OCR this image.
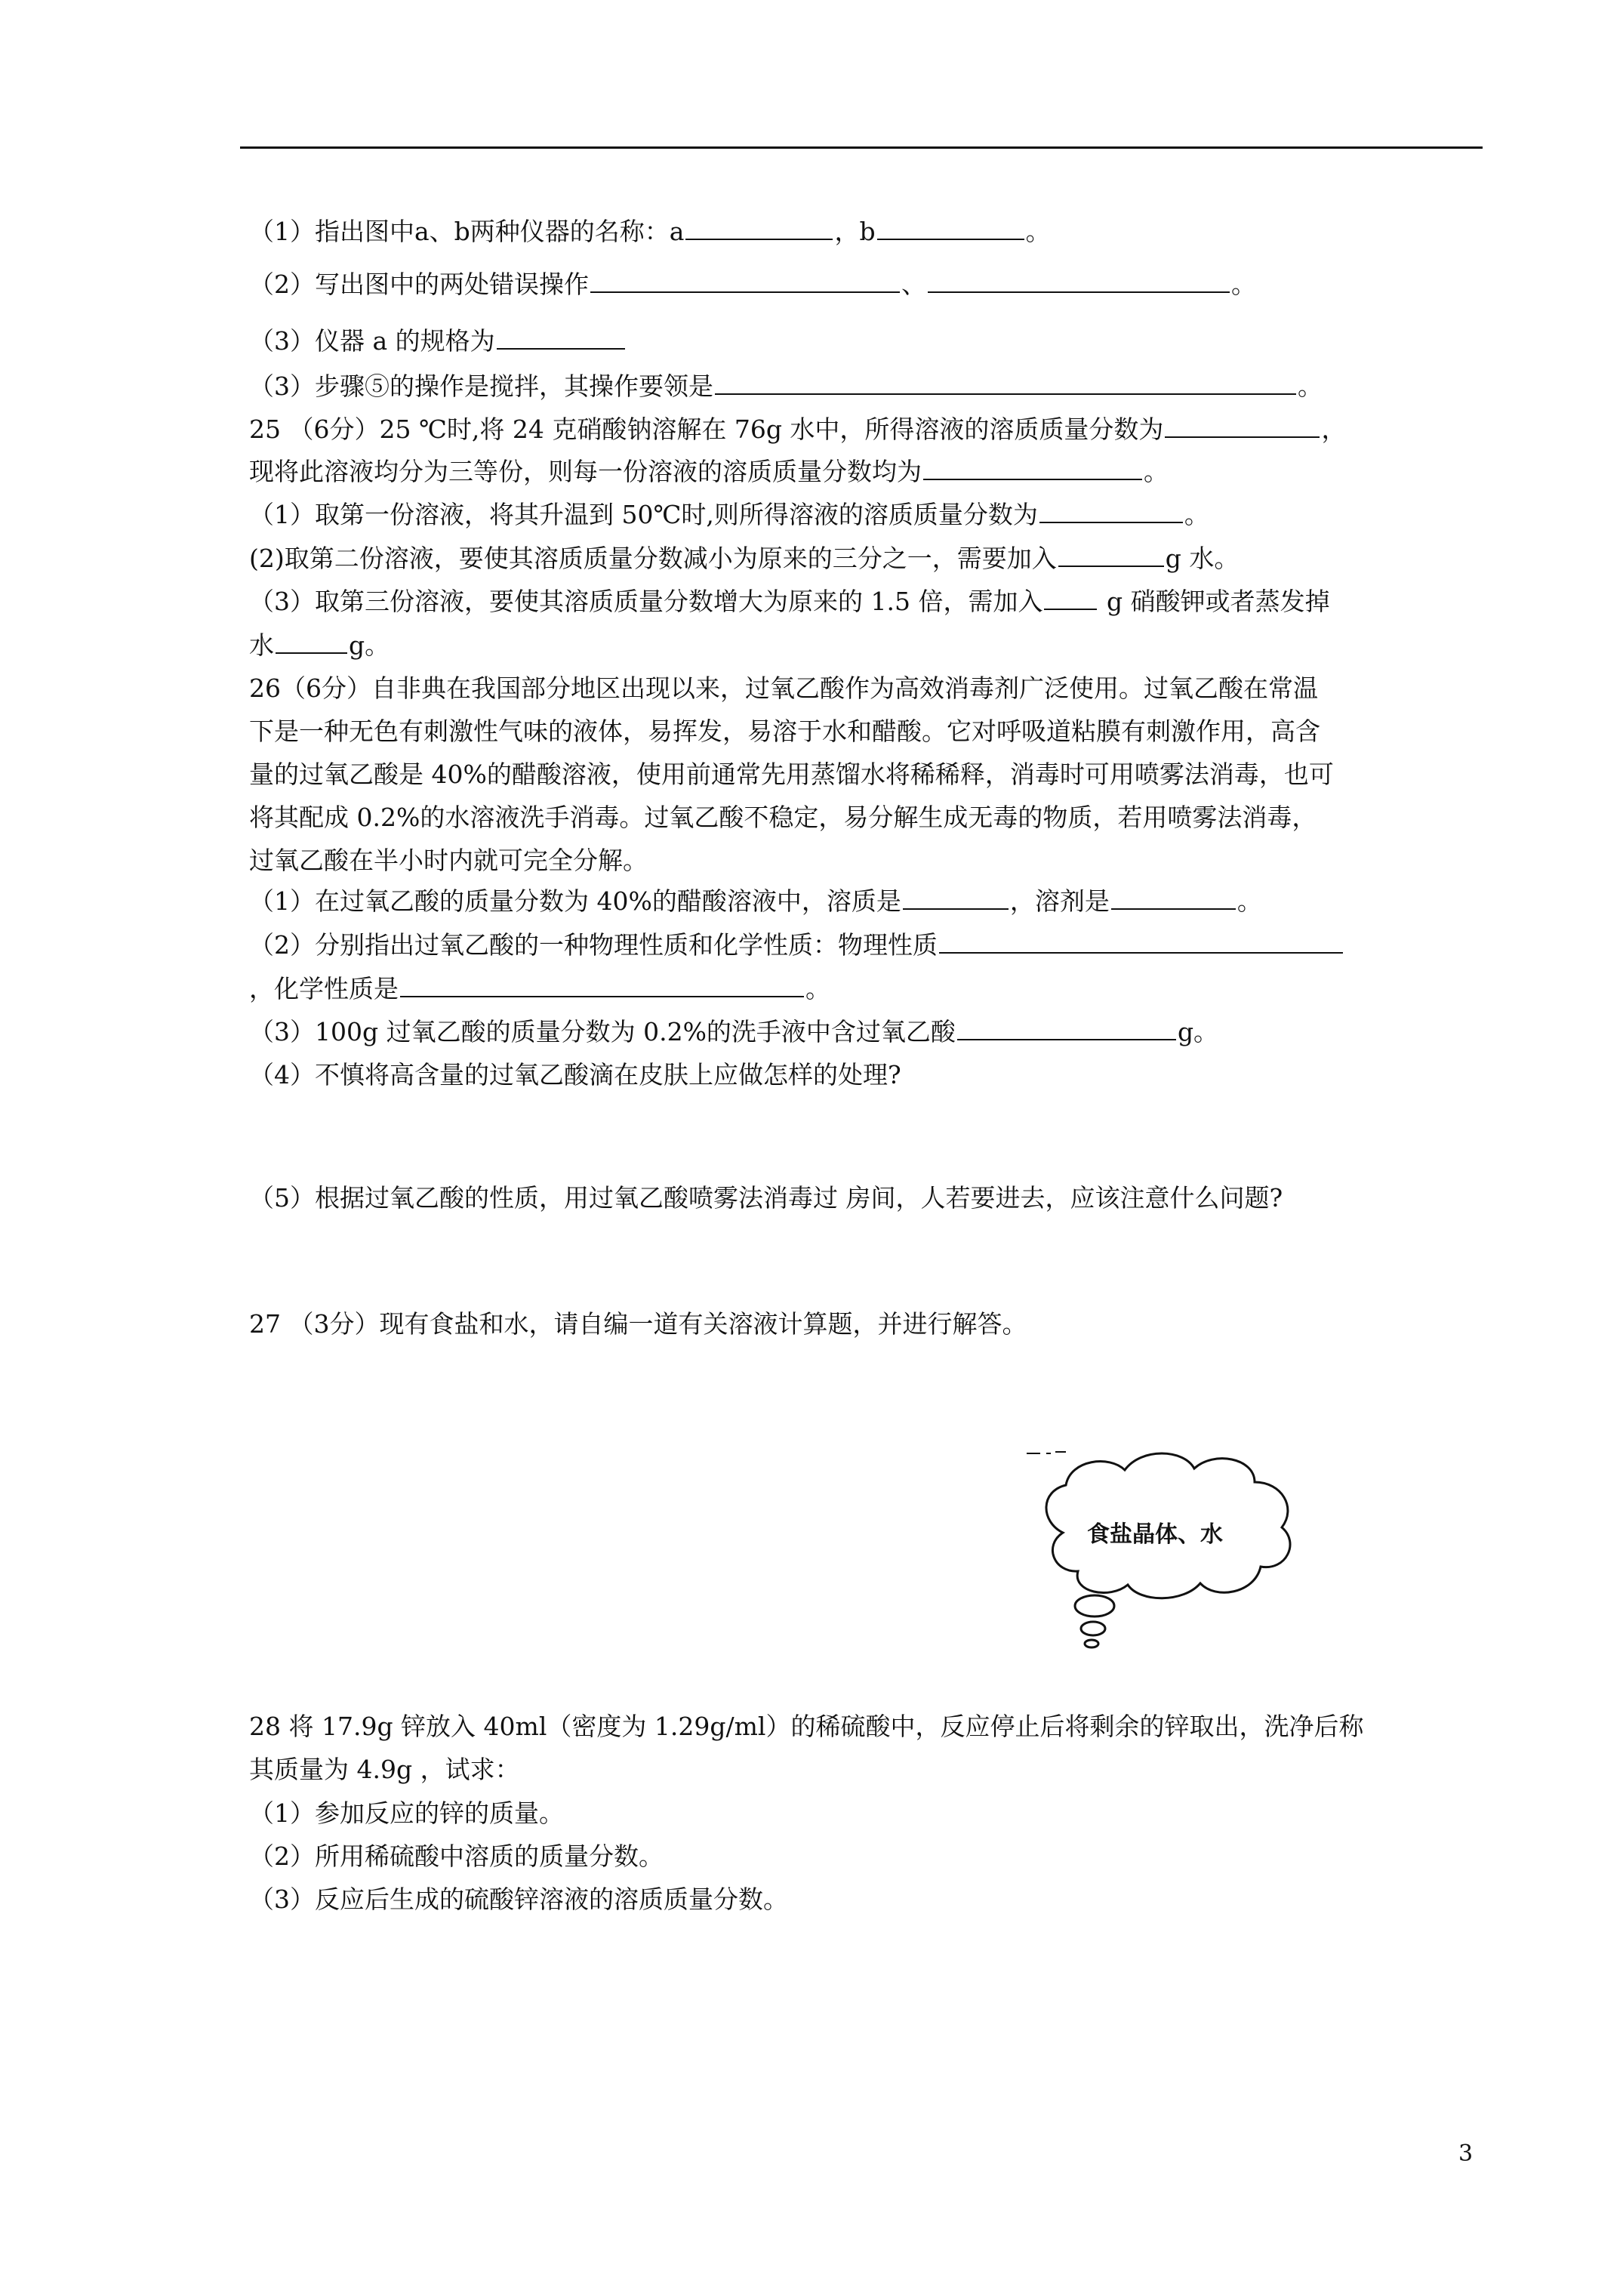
（1）指出图中a、b两种仪器的名称：a	，b	。
（2）写出图中的两处错误操作	、	。
（3）仪器 a 的规格为
（3）步骤⑤的操作是搅拌，其操作要领是	。
25 （6分）25 ℃时,将 24 克硝酸钠溶解在 76g 水中，所得溶液的溶质质量分数为	，
现将此溶液均分为三等份，则每一份溶液的溶质质量分数均为	。
（1）取第一份溶液，将其升温到 50℃时,则所得溶液的溶质质量分数为	。
(2)取第二份溶液，要使其溶质质量分数减小为原来的三分之一，需要加入	g 水。
（3）取第三份溶液，要使其溶质质量分数增大为原来的 1.5 倍，需加入 g 硝酸钾或者蒸发掉
水	g。
26（6分）自非典在我国部分地区出现以来，过氧乙酸作为高效消毒剂广泛使用。过氧乙酸在常温
下是一种无色有刺激性气味的液体，易挥发，易溶于水和醋酸。它对呼吸道粘膜有刺激作用，高含
量的过氧乙酸是 40%的醋酸溶液，使用前通常先用蒸馏水将稀稀释，消毒时可用喷雾法消毒，也可
将其配成 0.2%的水溶液洗手消毒。过氧乙酸不稳定，易分解生成无毒的物质，若用喷雾法消毒，
过氧乙酸在半小时内就可完全分解。
（1）在过氧乙酸的质量分数为 40%的醋酸溶液中，溶质是	，溶剂是	。
（2）分别指出过氧乙酸的一种物理性质和化学性质：物理性质
，化学性质是	。
（3）100g 过氧乙酸的质量分数为 0.2%的洗手液中含过氧乙酸	g。
（4）不慎将高含量的过氧乙酸滴在皮肤上应做怎样的处理?
（5）根据过氧乙酸的性质，用过氧乙酸喷雾法消毒过 房间，人若要进去，应该注意什么问题?
27 （3分）现有食盐和水，请自编一道有关溶液计算题，并进行解答。
食盐晶体、水
28 将 17.9g 锌放入 40ml（密度为 1.29g/ml）的稀硫酸中，反应停止后将剩余的锌取出，洗净后称
其质量为 4.9g ，试求：
（1）参加反应的锌的质量。
（2）所用稀硫酸中溶质的质量分数。
（3）反应后生成的硫酸锌溶液的溶质质量分数。
3
